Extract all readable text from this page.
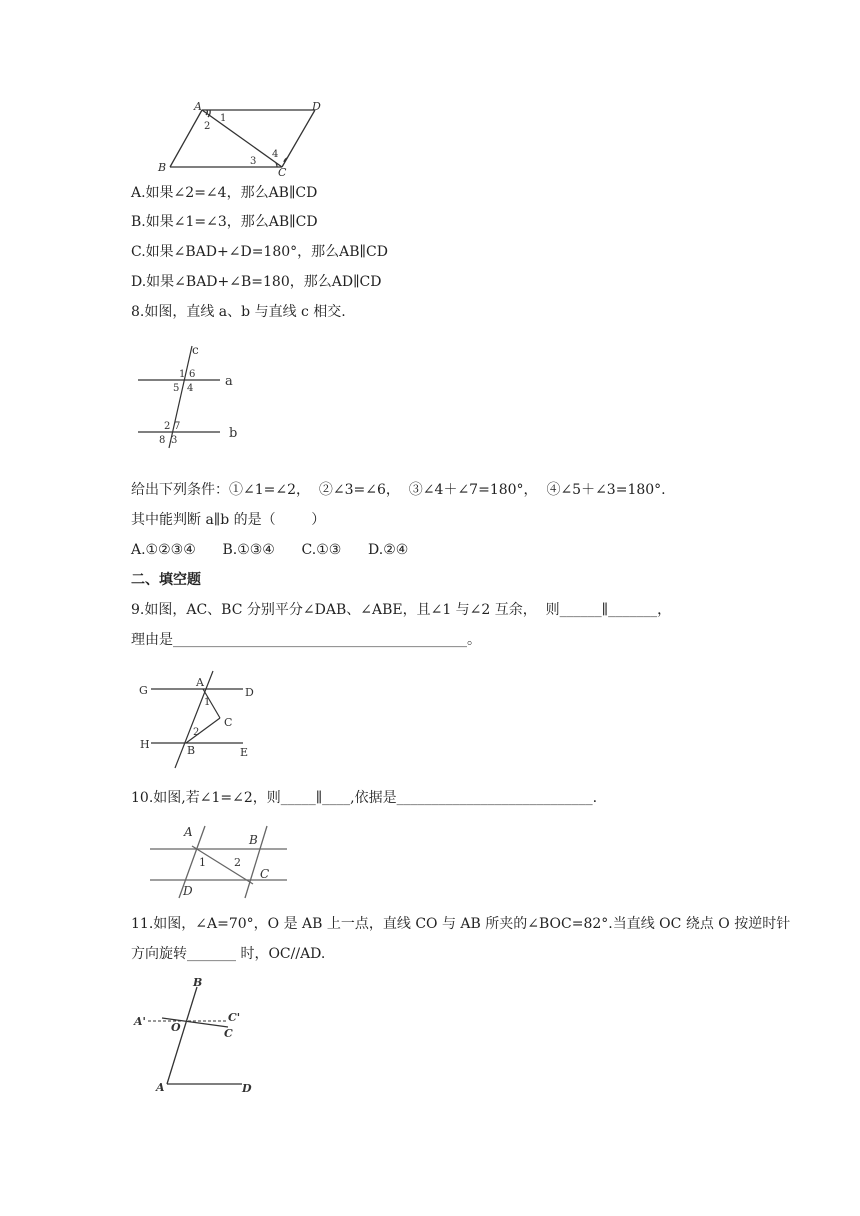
A	D
B	C
1
2
3
4
A.如果∠2=∠4，那么AB∥CD
B.如果∠1=∠3，那么AB∥CD
C.如果∠BAD+∠D=180°，那么AB∥CD
D.如果∠BAD+∠B=180，那么AD∥CD
8.如图，直线 a、b 与直线 c 相交.
c
a
b
1 6
5 4
2 7
8 3
给出下列条件：①∠1=∠2，  ②∠3=∠6，  ③∠4＋∠7=180°，  ④∠5＋∠3=180°.
其中能判断 a∥b 的是（        ）
A.①②③④      B.①③④      C.①③      D.②④
二、填空题
9.如图，AC、BC 分别平分∠DAB、∠ABE，且∠1 与∠2 互余，  则______∥_______，
理由是__________________________________________。
G
A
D
1
C
2
H	B	E
10.如图,若∠1=∠2，则_____∥____,依据是____________________________.
A
B
1	2
C
D
11.如图，∠A=70°，O 是 AB 上一点，直线 CO 与 AB 所夹的∠BOC=82°.当直线 OC 绕点 O 按逆时针
方向旋转_______ 时，OC//AD.
B
A' O
C'
C
A	D
